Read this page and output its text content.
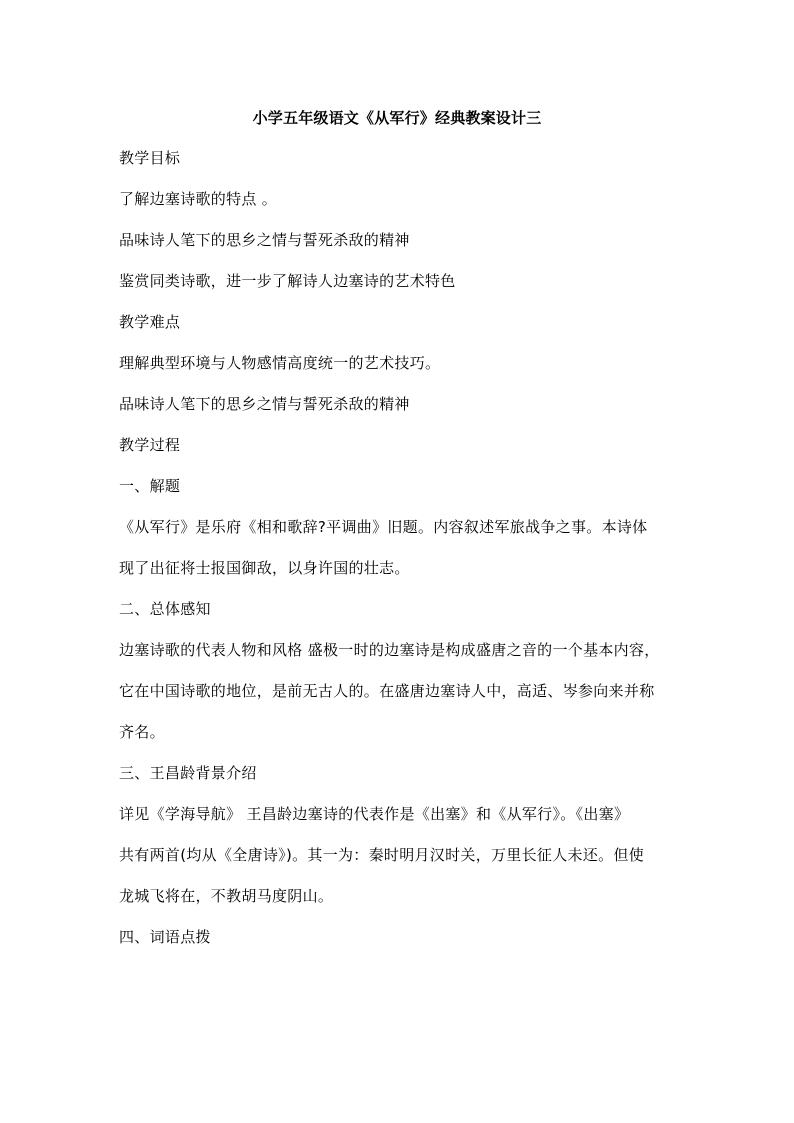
小学五年级语文《从军行》经典教案设计三
教学目标
了解边塞诗歌的特点 。
品味诗人笔下的思乡之情与誓死杀敌的精神
鉴赏同类诗歌，进一步了解诗人边塞诗的艺术特色
教学难点
理解典型环境与人物感情高度统一的艺术技巧。
品味诗人笔下的思乡之情与誓死杀敌的精神
教学过程
一、解题
《从军行》是乐府《相和歌辞?平调曲》旧题。内容叙述军旅战争之事。本诗体
现了出征将士报国御敌，以身许国的壮志。
二、总体感知
边塞诗歌的代表人物和风格 盛极一时的边塞诗是构成盛唐之音的一个基本内容，
它在中国诗歌的地位，是前无古人的。在盛唐边塞诗人中，高适、岑参向来并称
齐名。
三、王昌龄背景介绍
详见《学海导航》 王昌龄边塞诗的代表作是《出塞》和《从军行》。《出塞》
共有两首(均从《全唐诗》)。其一为：秦时明月汉时关，万里长征人未还。但使
龙城飞将在，不教胡马度阴山。
四、词语点拨
